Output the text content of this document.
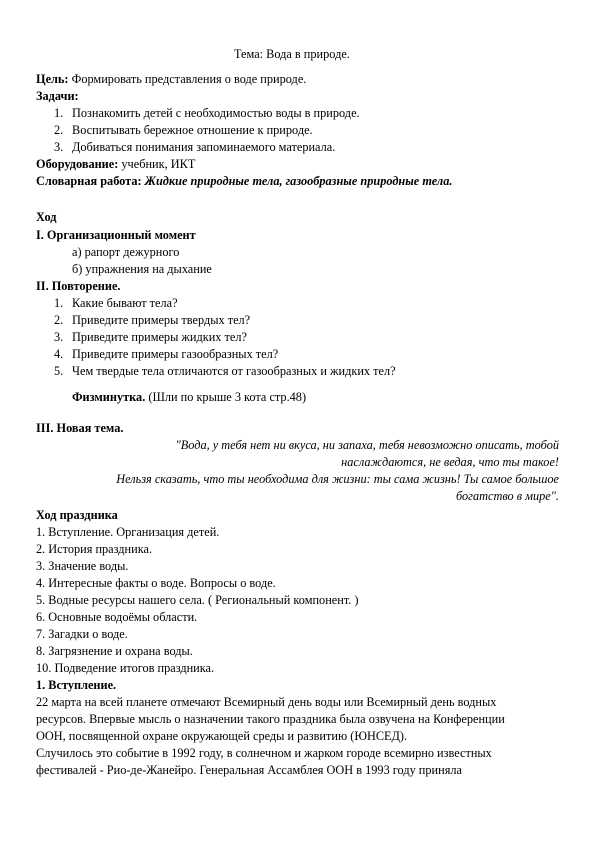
Тема: Вода в природе.
Цель: Формировать представления о воде природе.
Задачи:
1. Познакомить детей с необходимостью воды в природе.
2. Воспитывать бережное отношение к природе.
3. Добиваться понимания запоминаемого материала.
Оборудование: учебник, ИКТ
Словарная работа: Жидкие природные тела, газообразные природные тела.
Ход
I. Организационный момент
а) рапорт дежурного
б) упражнения на дыхание
II. Повторение.
1. Какие бывают тела?
2. Приведите примеры твердых тел?
3. Приведите примеры жидких тел?
4. Приведите примеры газообразных тел?
5. Чем твердые тела отличаются от газообразных и жидких тел?
Физминутка. (Шли по крыше 3 кота стр.48)
III. Новая тема.
"Вода, у тебя нет ни вкуса, ни запаха, тебя невозможно описать, тобой
наслаждаются, не ведая, что ты такое!
Нельзя сказать, что ты необходима для жизни: ты сама жизнь! Ты самое большое
богатство в мире".
Ход праздника
1. Вступление. Организация детей.
2. История праздника.
3. Значение воды.
4. Интересные факты о воде. Вопросы о воде.
5. Водные ресурсы нашего села. ( Региональный компонент. )
6. Основные водоёмы области.
7. Загадки о воде.
8. Загрязнение и охрана воды.
10. Подведение итогов праздника.
1. Вступление.
22 марта на всей планете отмечают Всемирный день воды или Всемирный день водных
ресурсов. Впервые мысль о назначении такого праздника была озвучена на Конференции
ООН, посвященной охране окружающей среды и развитию (ЮНСЕД).
Случилось это событие в 1992 году, в солнечном и жарком городе всемирно известных
фестивалей - Рио-де-Жанейро. Генеральная Ассамблея ООН в 1993 году приняла
